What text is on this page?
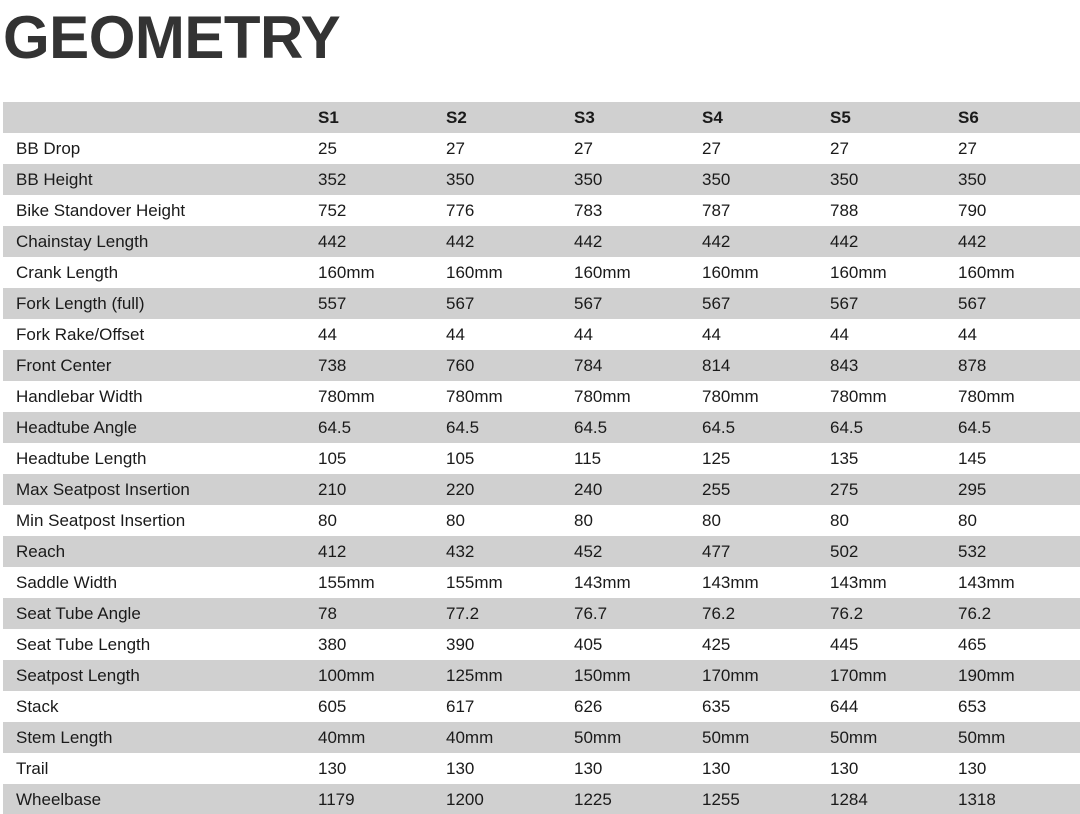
GEOMETRY
	S1	S2	S3	S4	S5	S6
BB Drop	25	27	27	27	27	27
BB Height	352	350	350	350	350	350
Bike Standover Height	752	776	783	787	788	790
Chainstay Length	442	442	442	442	442	442
Crank Length	160mm	160mm	160mm	160mm	160mm	160mm
Fork Length (full)	557	567	567	567	567	567
Fork Rake/Offset	44	44	44	44	44	44
Front Center	738	760	784	814	843	878
Handlebar Width	780mm	780mm	780mm	780mm	780mm	780mm
Headtube Angle	64.5	64.5	64.5	64.5	64.5	64.5
Headtube Length	105	105	115	125	135	145
Max Seatpost Insertion	210	220	240	255	275	295
Min Seatpost Insertion	80	80	80	80	80	80
Reach	412	432	452	477	502	532
Saddle Width	155mm	155mm	143mm	143mm	143mm	143mm
Seat Tube Angle	78	77.2	76.7	76.2	76.2	76.2
Seat Tube Length	380	390	405	425	445	465
Seatpost Length	100mm	125mm	150mm	170mm	170mm	190mm
Stack	605	617	626	635	644	653
Stem Length	40mm	40mm	50mm	50mm	50mm	50mm
Trail	130	130	130	130	130	130
Wheelbase	1179	1200	1225	1255	1284	1318
